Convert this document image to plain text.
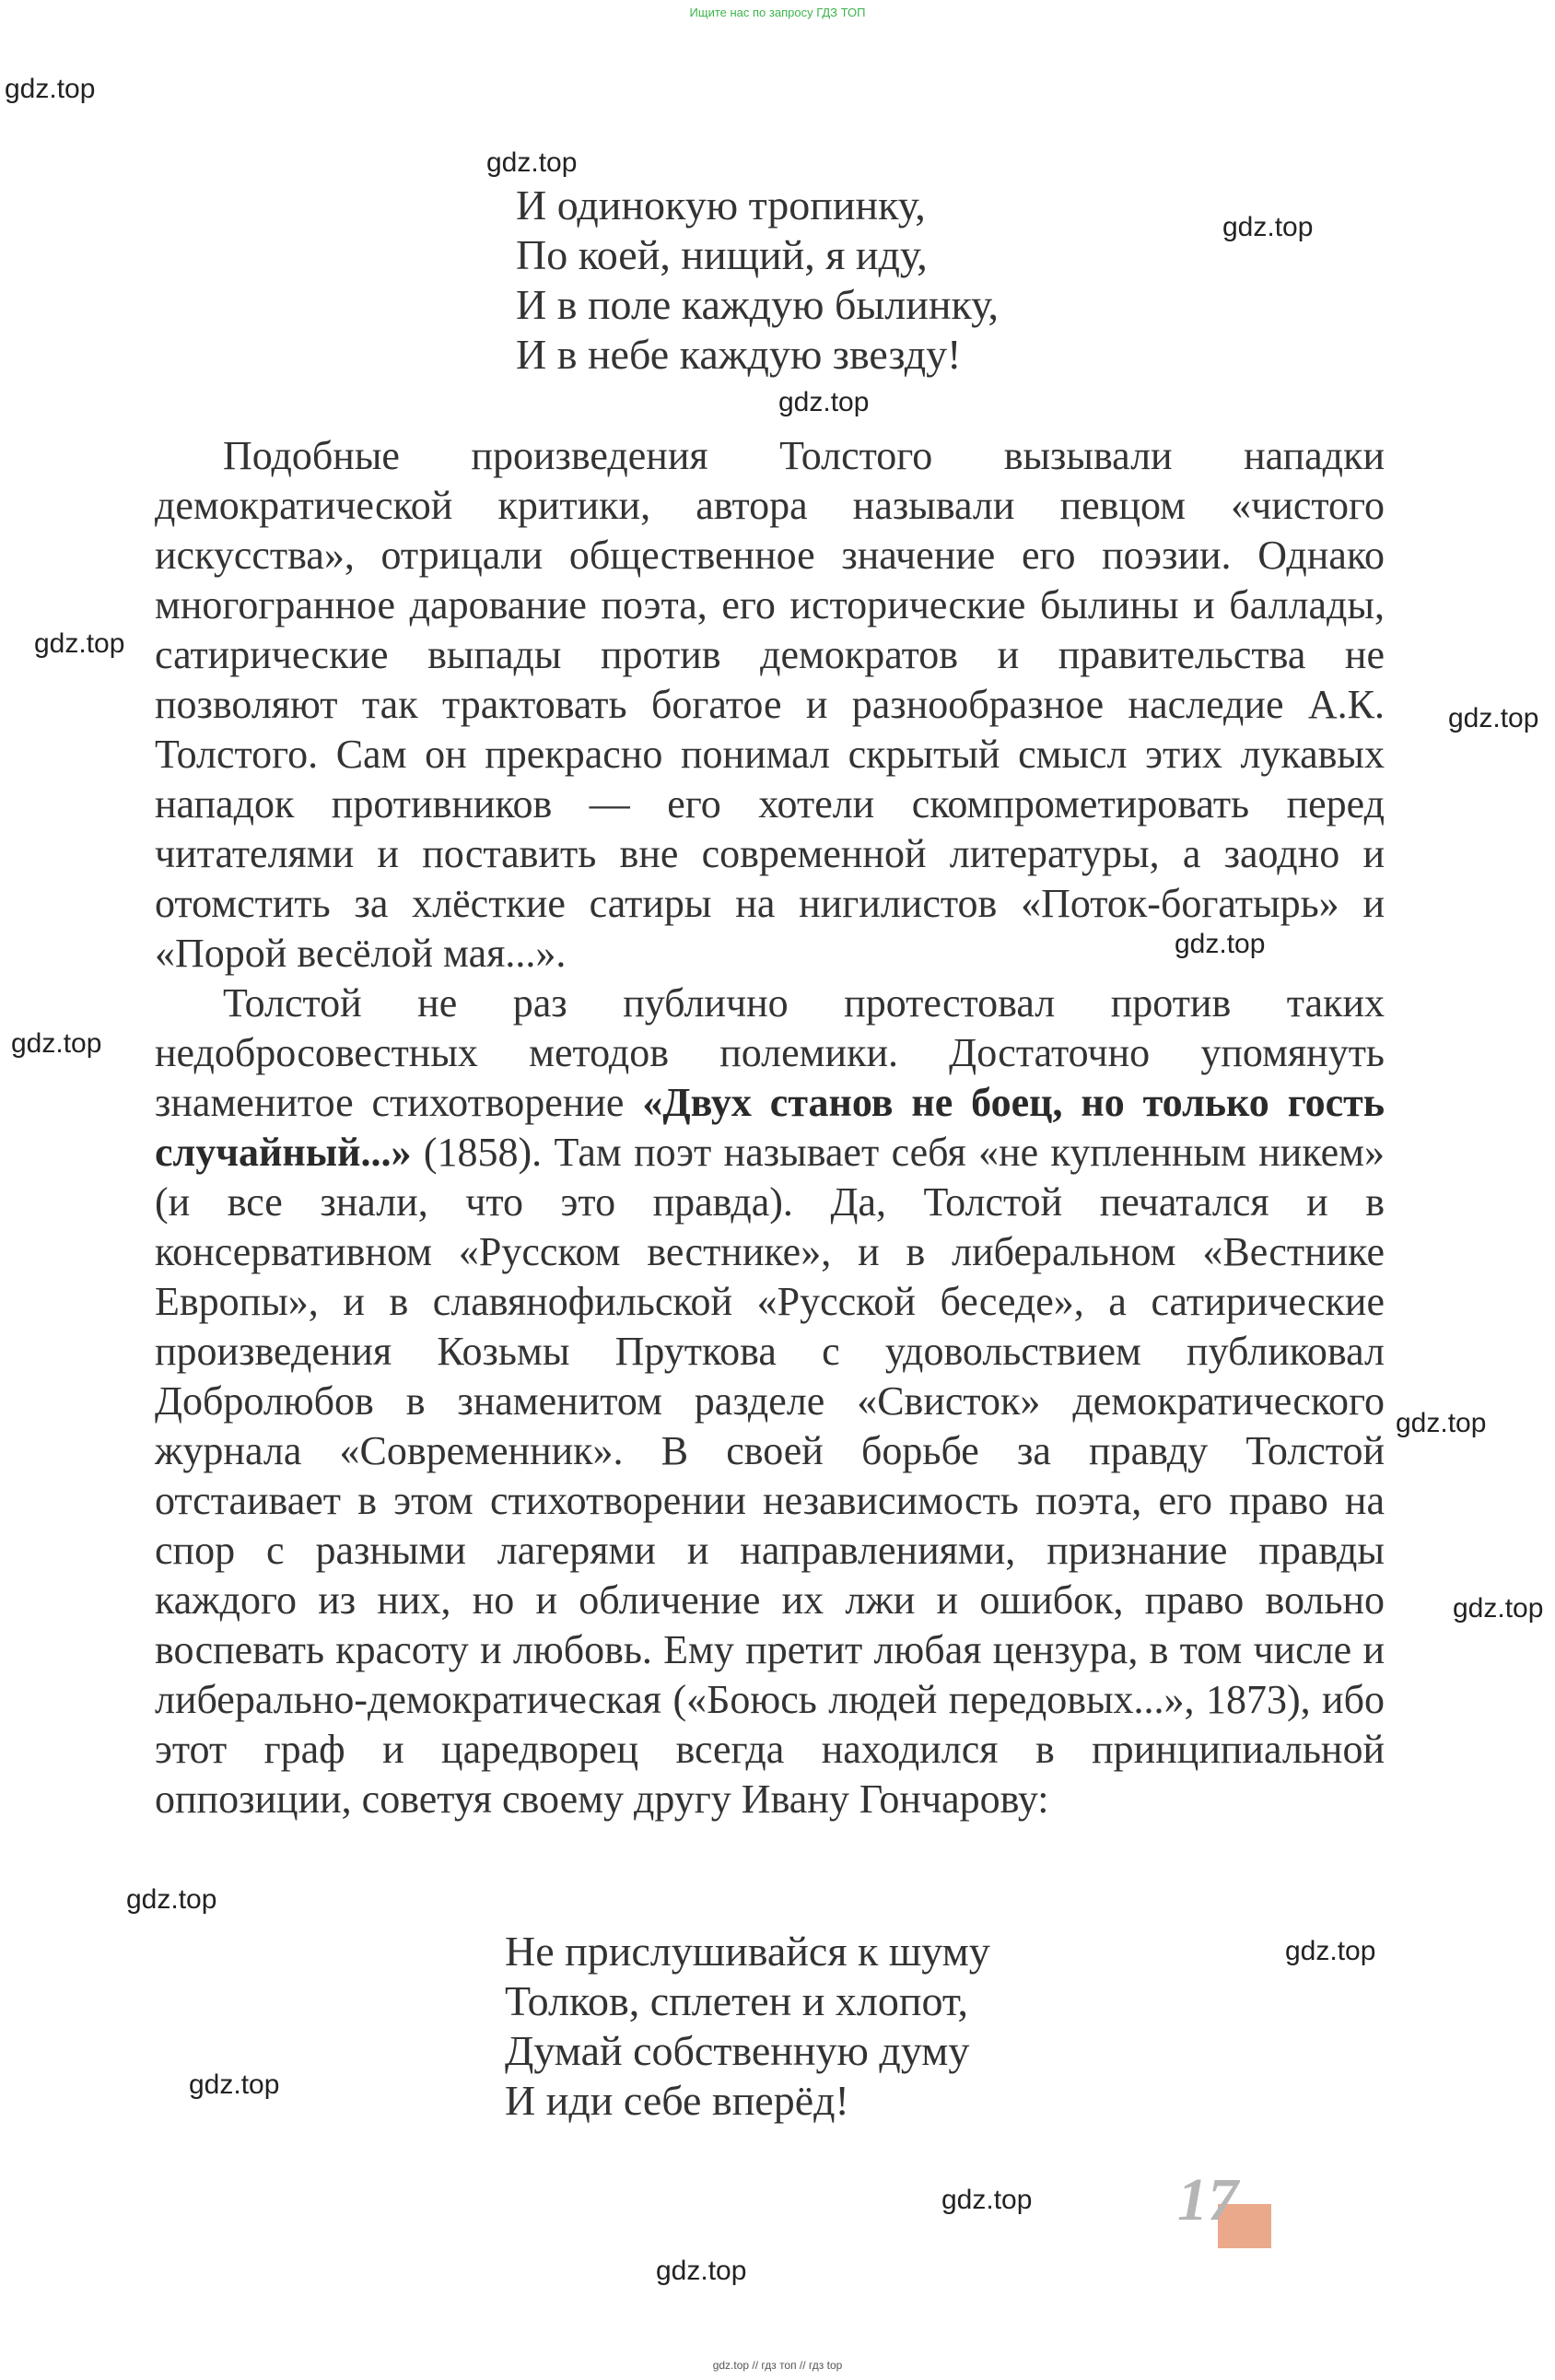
Ищите нас по запросу ГДЗ ТОП
gdz.top
gdz.top
gdz.top
gdz.top
gdz.top
gdz.top
gdz.top
gdz.top
gdz.top
gdz.top
gdz.top
gdz.top
gdz.top
gdz.top
gdz.top
И одинокую тропинку,
По коей, нищий, я иду,
И в поле каждую былинку,
И в небе каждую звезду!

Подобные произведения Толстого вызывали нападки демократической критики, автора называли певцом «чистого искусства», отрицали общественное значение его поэзии. Однако многогранное дарование поэта, его исторические былины и баллады, сатирические выпады против демократов и правительства не позволяют так трактовать богатое и разнообразное наследие А.К. Толстого. Сам он прекрасно понимал скрытый смысл этих лукавых нападок противников — его хотели скомпрометировать перед читателями и поставить вне современной литературы, а заодно и отомстить за хлёсткие сатиры на нигилистов «Поток-богатырь» и «Порой весёлой мая...».

Толстой не раз публично протестовал против таких недобросовестных методов полемики. Достаточно упомянуть знаменитое стихотворение «Двух станов не боец, но только гость случайный...» (1858). Там поэт называет себя «не купленным никем» (и все знали, что это правда). Да, Толстой печатался и в консервативном «Русском вестнике», и в либеральном «Вестнике Европы», и в славянофильской «Русской беседе», а сатирические произведения Козьмы Пруткова с удовольствием публиковал Добролюбов в знаменитом разделе «Свисток» демократического журнала «Современник». В своей борьбе за правду Толстой отстаивает в этом стихотворении независимость поэта, его право на спор с разными лагерями и направлениями, признание правды каждого из них, но и обличение их лжи и ошибок, право вольно воспевать красоту и любовь. Ему претит любая цензура, в том числе и либерально-демократическая («Боюсь людей передовых...», 1873), ибо этот граф и царедворец всегда находился в принципиальной оппозиции, советуя своему другу Ивану Гончарову:

Не прислушивайся к шуму
Толков, сплетен и хлопот,
Думай собственную думу
И иди себе вперёд!
17
gdz.top // гдз топ // гдз top
